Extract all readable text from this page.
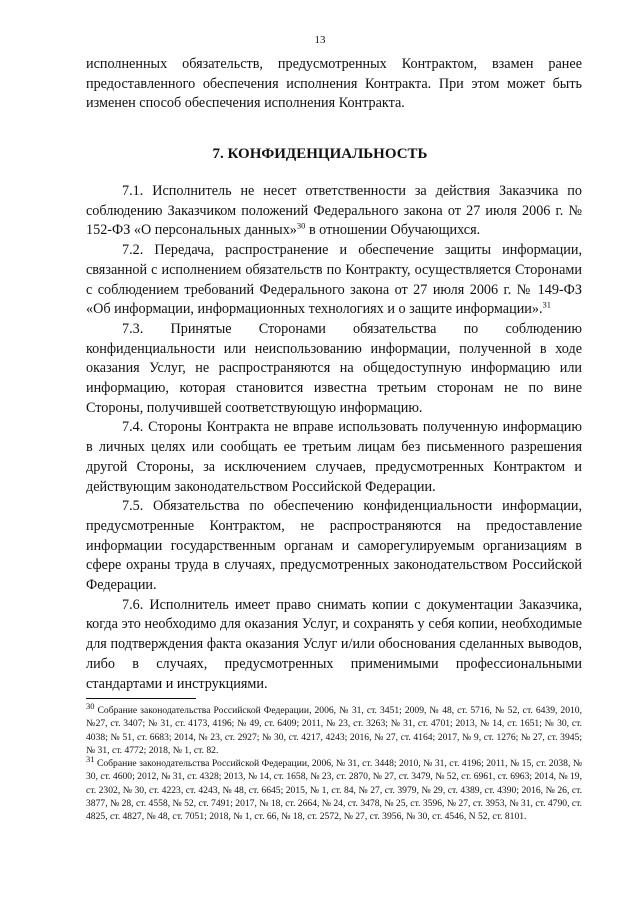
13

исполненных обязательств, предусмотренных Контрактом, взамен ранее предоставленного обеспечения исполнения Контракта. При этом может быть изменен способ обеспечения исполнения Контракта.

7. КОНФИДЕНЦИАЛЬНОСТЬ

7.1. Исполнитель не несет ответственности за действия Заказчика по соблюдению Заказчиком положений Федерального закона от 27 июля 2006 г. № 152-ФЗ «О персональных данных»$^{30}$ в отношении Обучающихся.

7.2. Передача, распространение и обеспечение защиты информации, связанной с исполнением обязательств по Контракту, осуществляется Сторонами с соблюдением требований Федерального закона от 27 июля 2006 г. № 149-ФЗ «Об информации, информационных технологиях и о защите информации».$^{31}$

7.3. Принятые Сторонами обязательства по соблюдению конфиденциальности или неиспользованию информации, полученной в ходе оказания Услуг, не распространяются на общедоступную информацию или информацию, которая становится известна третьим сторонам не по вине Стороны, получившей соответствующую информацию.

7.4. Стороны Контракта не вправе использовать полученную информацию в личных целях или сообщать ее третьим лицам без письменного разрешения другой Стороны, за исключением случаев, предусмотренных Контрактом и действующим законодательством Российской Федерации.

7.5. Обязательства по обеспечению конфиденциальности информации, предусмотренные Контрактом, не распространяются на предоставление информации государственным органам и саморегулируемым организациям в сфере охраны труда в случаях, предусмотренных законодательством Российской Федерации.

7.6. Исполнитель имеет право снимать копии с документации Заказчика, когда это необходимо для оказания Услуг, и сохранять у себя копии, необходимые для подтверждения факта оказания Услуг и/или обоснования сделанных выводов, либо в случаях, предусмотренных применимыми профессиональными стандартами и инструкциями.

$^{30}$ Собрание законодательства Российской Федерации, 2006, № 31, ст. 3451; 2009, № 48, ст. 5716, № 52, ст. 6439, 2010, №27, ст. 3407; № 31, ст. 4173, 4196; № 49, ст. 6409; 2011, № 23, ст. 3263; № 31, ст. 4701; 2013, № 14, ст. 1651; № 30, ст. 4038; № 51, ст. 6683; 2014, № 23, ст. 2927; № 30, ст. 4217, 4243; 2016, № 27, ст. 4164; 2017, № 9, ст. 1276; № 27, ст. 3945; № 31, ст. 4772; 2018, № 1, ст. 82.

$^{31}$ Собрание законодательства Российской Федерации, 2006, № 31, ст. 3448; 2010, № 31, ст. 4196; 2011, № 15, ст. 2038, № 30, ст. 4600; 2012, № 31, ст. 4328; 2013, № 14, ст. 1658, № 23, ст. 2870, № 27, ст. 3479, № 52, ст. 6961, ст. 6963; 2014, № 19, ст. 2302, № 30, ст. 4223, ст. 4243, № 48, ст. 6645; 2015, № 1, ст. 84, № 27, ст. 3979, № 29, ст. 4389, ст. 4390; 2016, № 26, ст. 3877, № 28, ст. 4558, № 52, ст. 7491; 2017, № 18, ст. 2664, № 24, ст. 3478, № 25, ст. 3596, № 27, ст. 3953, № 31, ст. 4790, ст. 4825, ст. 4827, № 48, ст. 7051; 2018, № 1, ст. 66, № 18, ст. 2572, № 27, ст. 3956, № 30, ст. 4546, N 52, ст. 8101.
